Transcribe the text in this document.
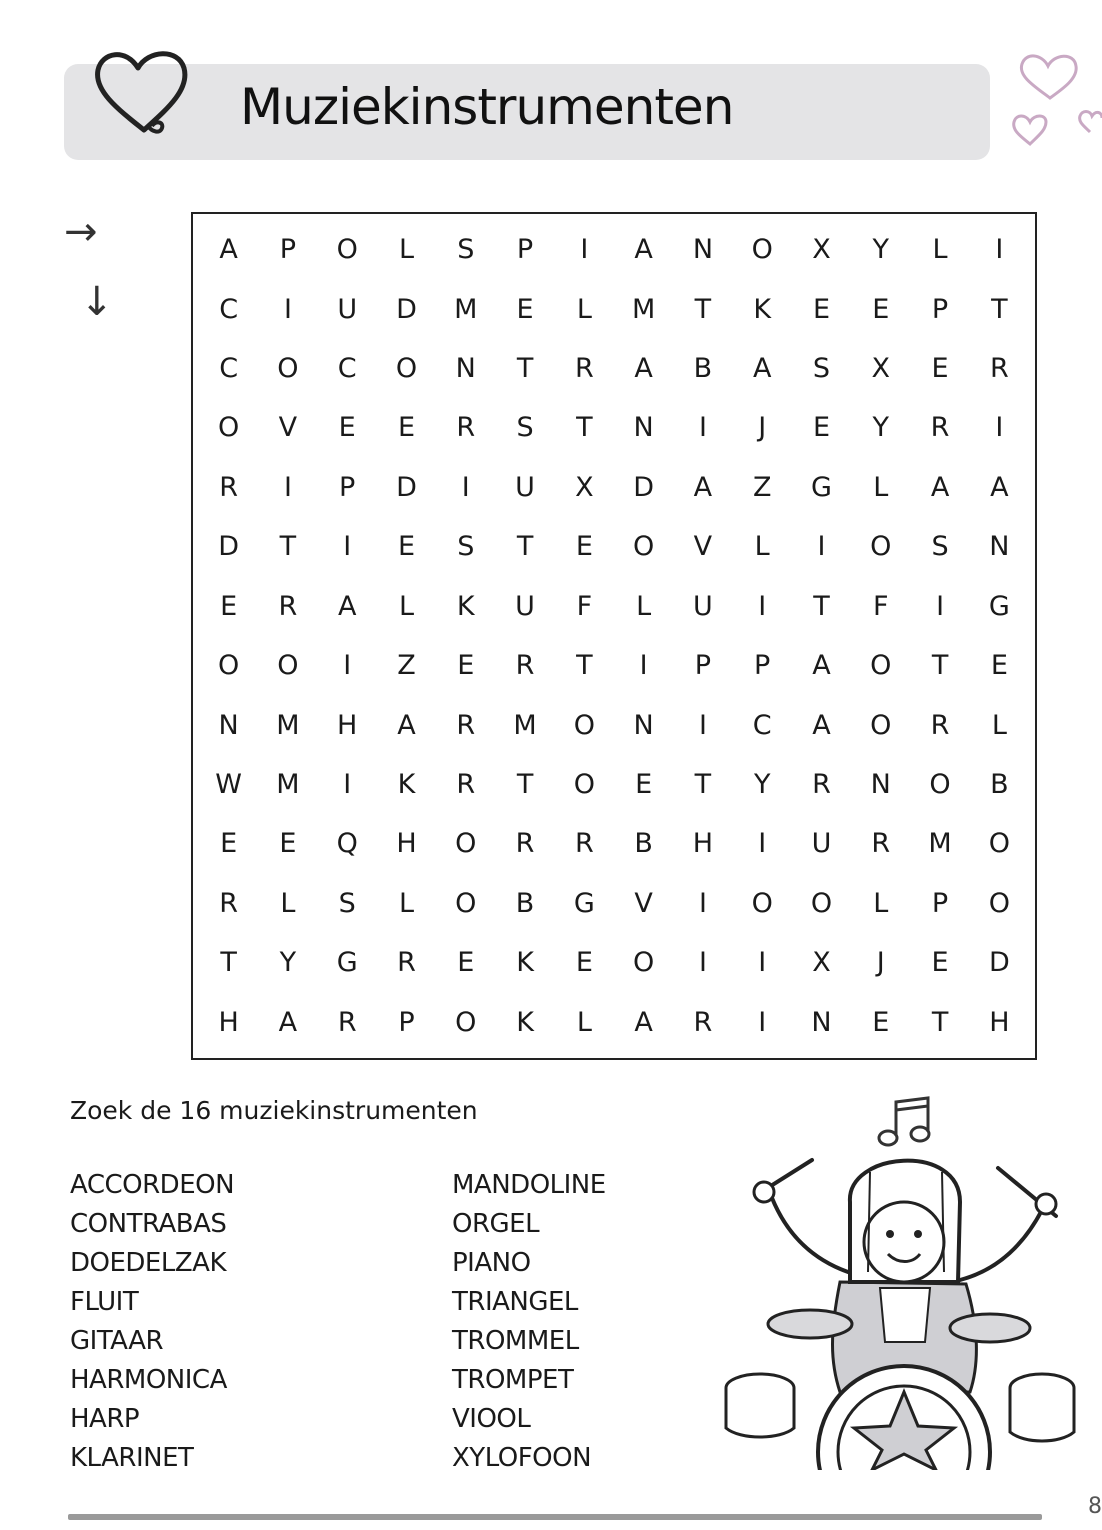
Muziekinstrumenten
→
↓
A	P	O	L	S	P	I	A	N	O	X	Y	L	I
C	I	U	D	M	E	L	M	T	K	E	E	P	T
C	O	C	O	N	T	R	A	B	A	S	X	E	R
O	V	E	E	R	S	T	N	I	J	E	Y	R	I
R	I	P	D	I	U	X	D	A	Z	G	L	A	A
D	T	I	E	S	T	E	O	V	L	I	O	S	N
E	R	A	L	K	U	F	L	U	I	T	F	I	G
O	O	I	Z	E	R	T	I	P	P	A	O	T	E
N	M	H	A	R	M	O	N	I	C	A	O	R	L
W	M	I	K	R	T	O	E	T	Y	R	N	O	B
E	E	Q	H	O	R	R	B	H	I	U	R	M	O
R	L	S	L	O	B	G	V	I	O	O	L	P	O
T	Y	G	R	E	K	E	O	I	I	X	J	E	D
H	A	R	P	O	K	L	A	R	I	N	E	T	H

Zoek de 16 muziekinstrumenten

ACCORDEON
CONTRABAS
DOEDELZAK
FLUIT
GITAAR
HARMONICA
HARP
KLARINET
MANDOLINE
ORGEL
PIANO
TRIANGEL
TROMMEL
TROMPET
VIOOL
XYLOFOON
8
